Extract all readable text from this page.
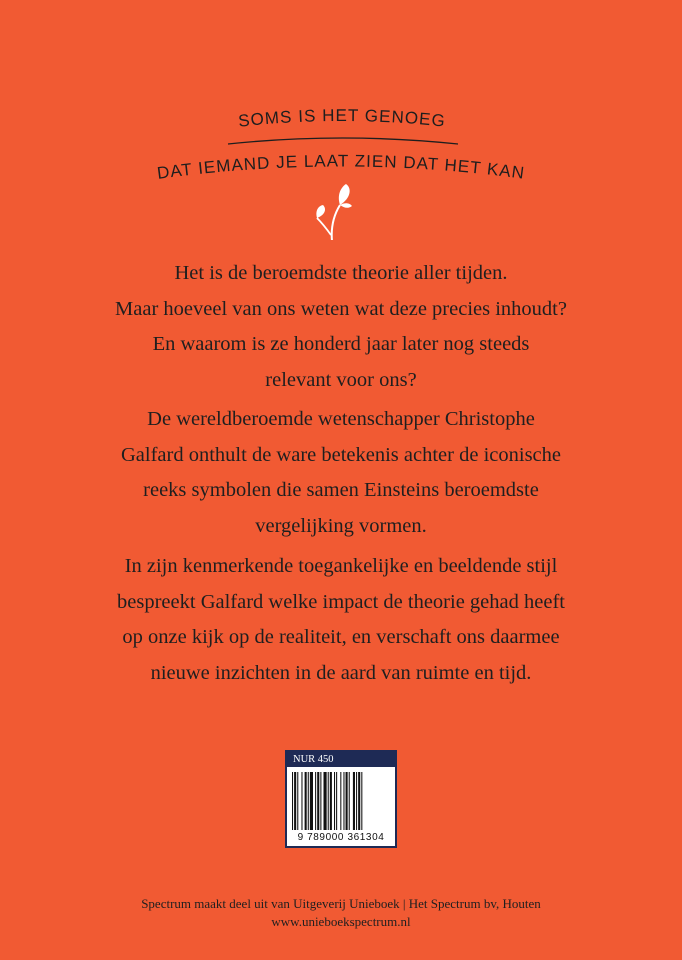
SOMS IS HET GENOEG
DAT IEMAND JE LAAT ZIEN DAT HET KAN

Het is de beroemdste theorie aller tijden.
Maar hoeveel van ons weten wat deze precies inhoudt?
En waarom is ze honderd jaar later nog steeds
relevant voor ons?

De wereldberoemde wetenschapper Christophe
Galfard onthult de ware betekenis achter de iconische
reeks symbolen die samen Einsteins beroemdste
vergelijking vormen.

In zijn kenmerkende toegankelijke en beeldende stijl
bespreekt Galfard welke impact de theorie gehad heeft
op onze kijk op de realiteit, en verschaft ons daarmee
nieuwe inzichten in de aard van ruimte en tijd.

NUR 450
9 789000 361304
Spectrum maakt deel uit van Uitgeverij Unieboek | Het Spectrum bv, Houten
www.unieboekspectrum.nl
